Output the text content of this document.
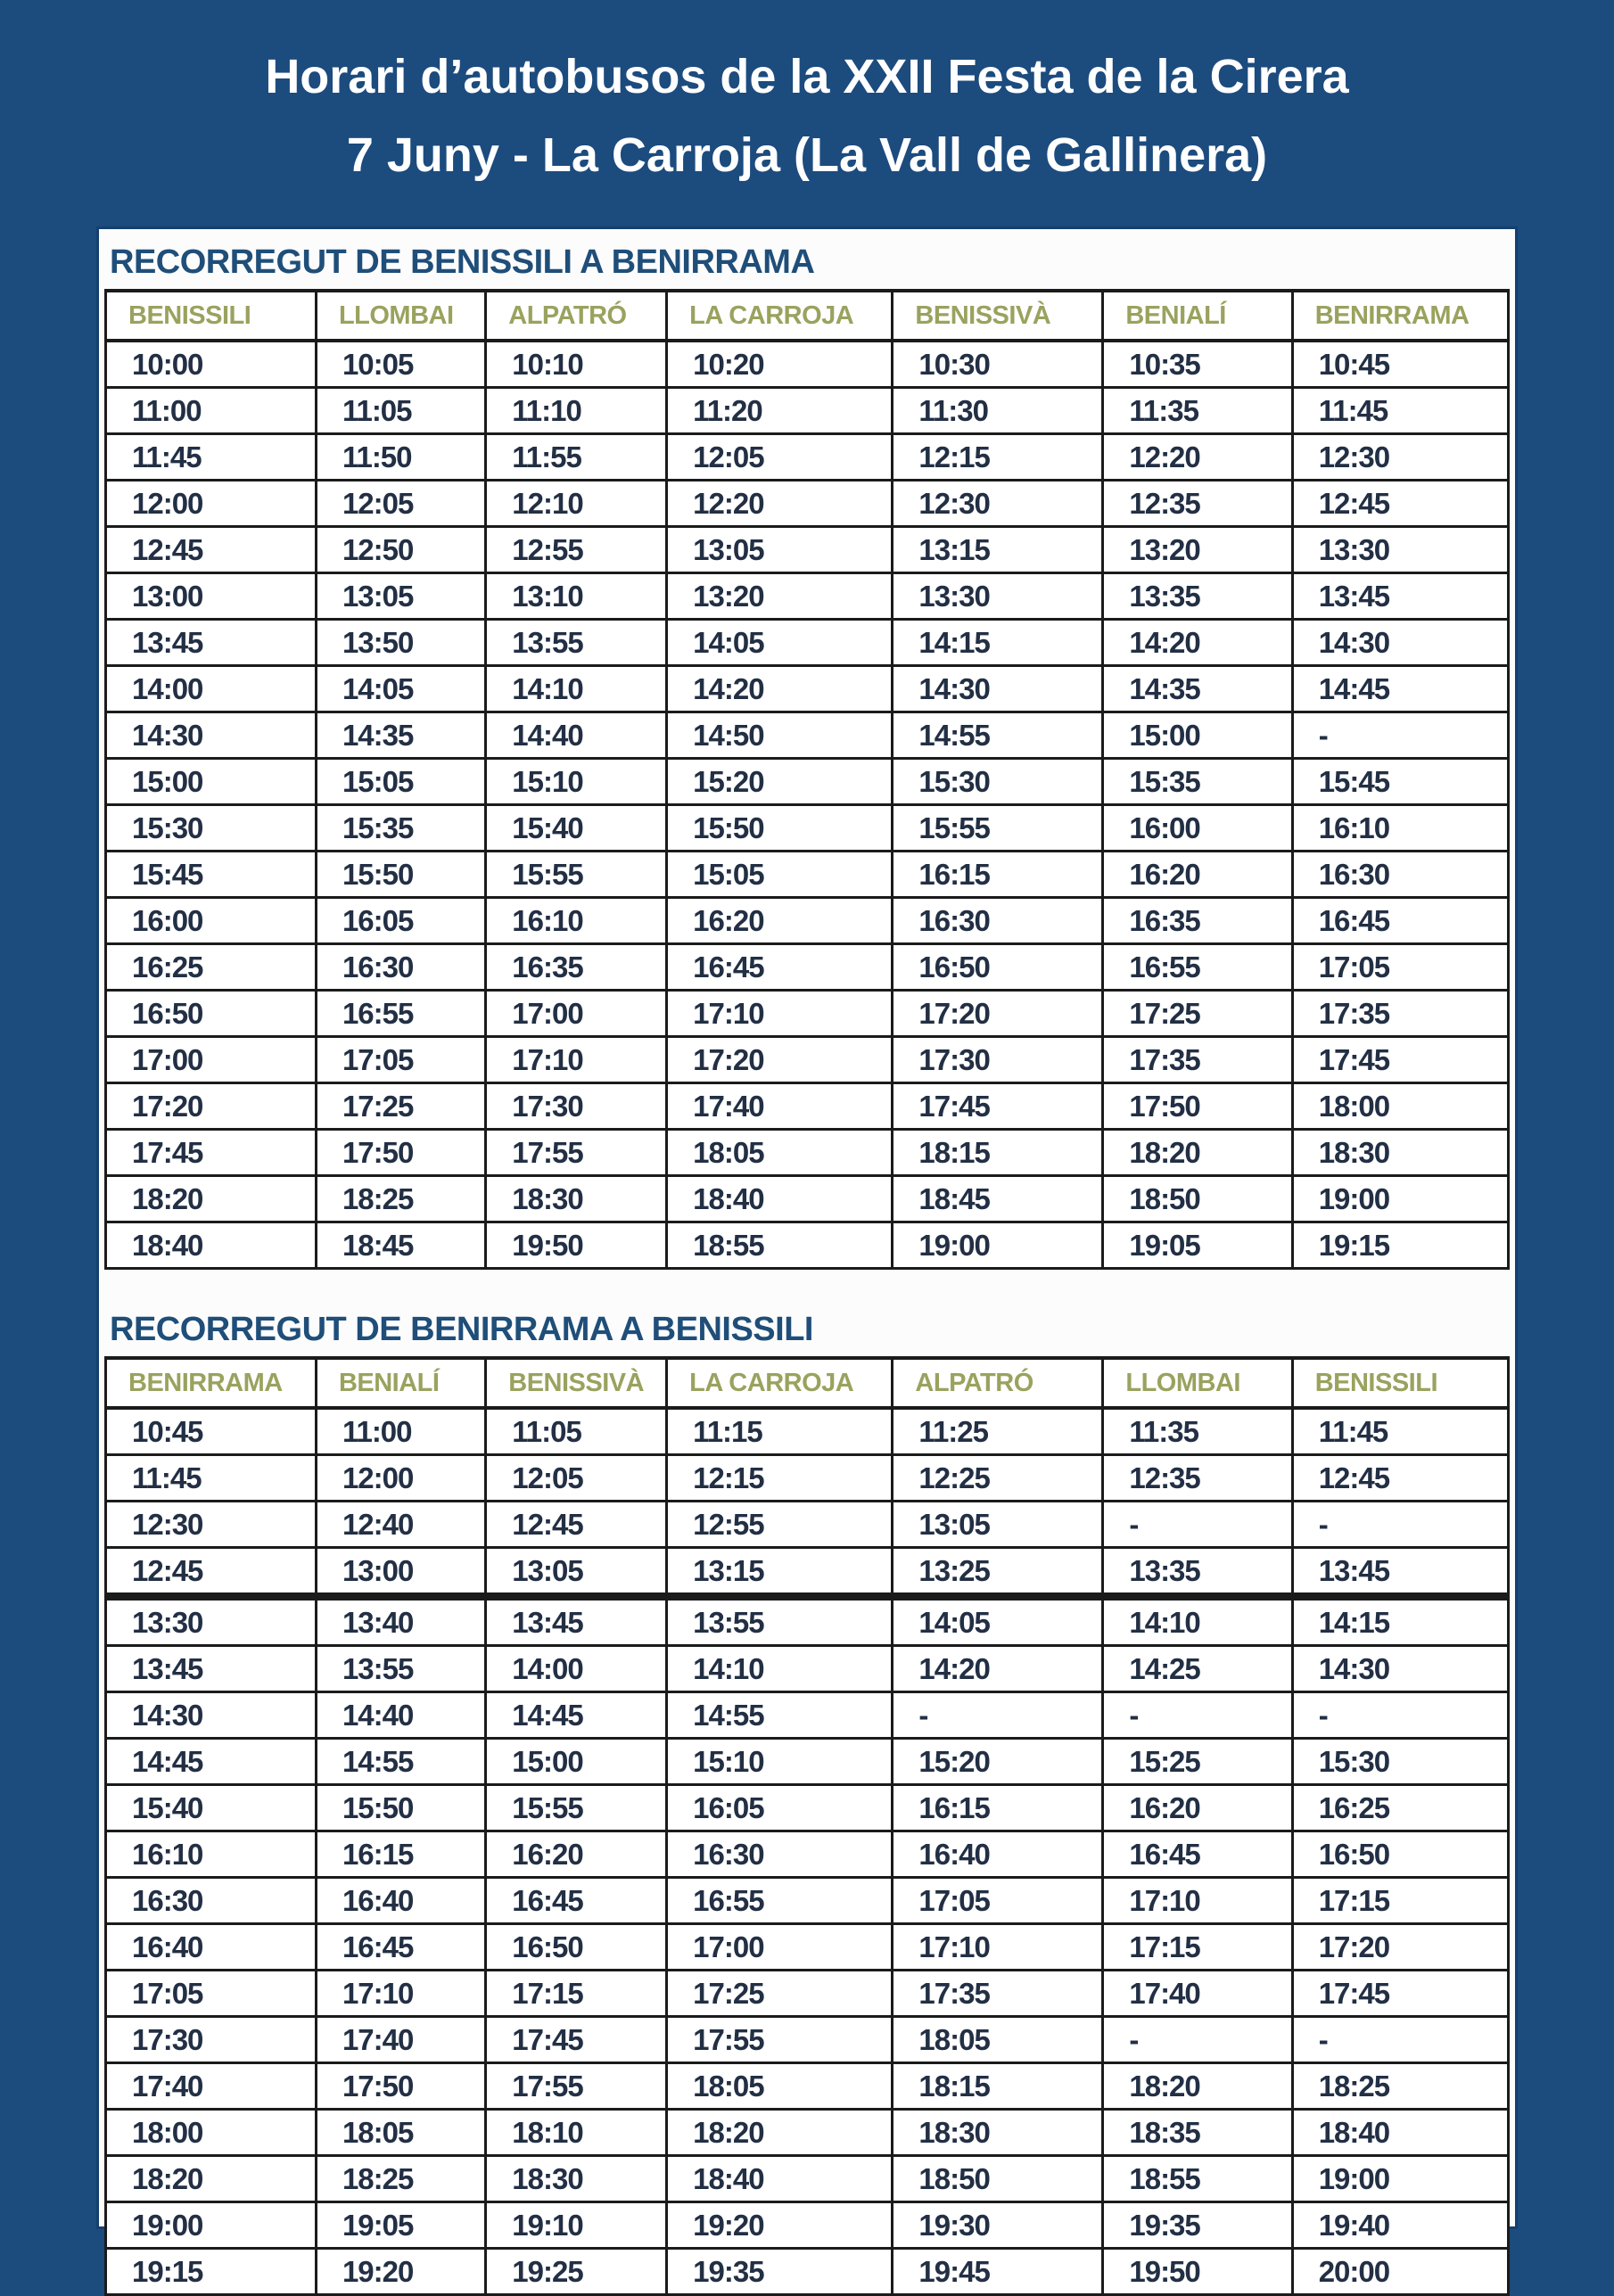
Horari d’autobusos de la XXII Festa de la Cirera
7 Juny - La Carroja (La Vall de Gallinera)
RECORREGUT DE BENISSILI A BENIRRAMA
BENISSILI	LLOMBAI	ALPATRÓ	LA CARROJA	BENISSIVÀ	BENIALÍ	BENIRRAMA
10:00	10:05	10:10	10:20	10:30	10:35	10:45
11:00	11:05	11:10	11:20	11:30	11:35	11:45
11:45	11:50	11:55	12:05	12:15	12:20	12:30
12:00	12:05	12:10	12:20	12:30	12:35	12:45
12:45	12:50	12:55	13:05	13:15	13:20	13:30
13:00	13:05	13:10	13:20	13:30	13:35	13:45
13:45	13:50	13:55	14:05	14:15	14:20	14:30
14:00	14:05	14:10	14:20	14:30	14:35	14:45
14:30	14:35	14:40	14:50	14:55	15:00	-
15:00	15:05	15:10	15:20	15:30	15:35	15:45
15:30	15:35	15:40	15:50	15:55	16:00	16:10
15:45	15:50	15:55	15:05	16:15	16:20	16:30
16:00	16:05	16:10	16:20	16:30	16:35	16:45
16:25	16:30	16:35	16:45	16:50	16:55	17:05
16:50	16:55	17:00	17:10	17:20	17:25	17:35
17:00	17:05	17:10	17:20	17:30	17:35	17:45
17:20	17:25	17:30	17:40	17:45	17:50	18:00
17:45	17:50	17:55	18:05	18:15	18:20	18:30
18:20	18:25	18:30	18:40	18:45	18:50	19:00
18:40	18:45	19:50	18:55	19:00	19:05	19:15
RECORREGUT DE BENIRRAMA A BENISSILI
BENIRRAMA	BENIALÍ	BENISSIVÀ	LA CARROJA	ALPATRÓ	LLOMBAI	BENISSILI
10:45	11:00	11:05	11:15	11:25	11:35	11:45
11:45	12:00	12:05	12:15	12:25	12:35	12:45
12:30	12:40	12:45	12:55	13:05	-	-
12:45	13:00	13:05	13:15	13:25	13:35	13:45
13:30	13:40	13:45	13:55	14:05	14:10	14:15
13:45	13:55	14:00	14:10	14:20	14:25	14:30
14:30	14:40	14:45	14:55	-	-	-
14:45	14:55	15:00	15:10	15:20	15:25	15:30
15:40	15:50	15:55	16:05	16:15	16:20	16:25
16:10	16:15	16:20	16:30	16:40	16:45	16:50
16:30	16:40	16:45	16:55	17:05	17:10	17:15
16:40	16:45	16:50	17:00	17:10	17:15	17:20
17:05	17:10	17:15	17:25	17:35	17:40	17:45
17:30	17:40	17:45	17:55	18:05	-	-
17:40	17:50	17:55	18:05	18:15	18:20	18:25
18:00	18:05	18:10	18:20	18:30	18:35	18:40
18:20	18:25	18:30	18:40	18:50	18:55	19:00
19:00	19:05	19:10	19:20	19:30	19:35	19:40
19:15	19:20	19:25	19:35	19:45	19:50	20:00
